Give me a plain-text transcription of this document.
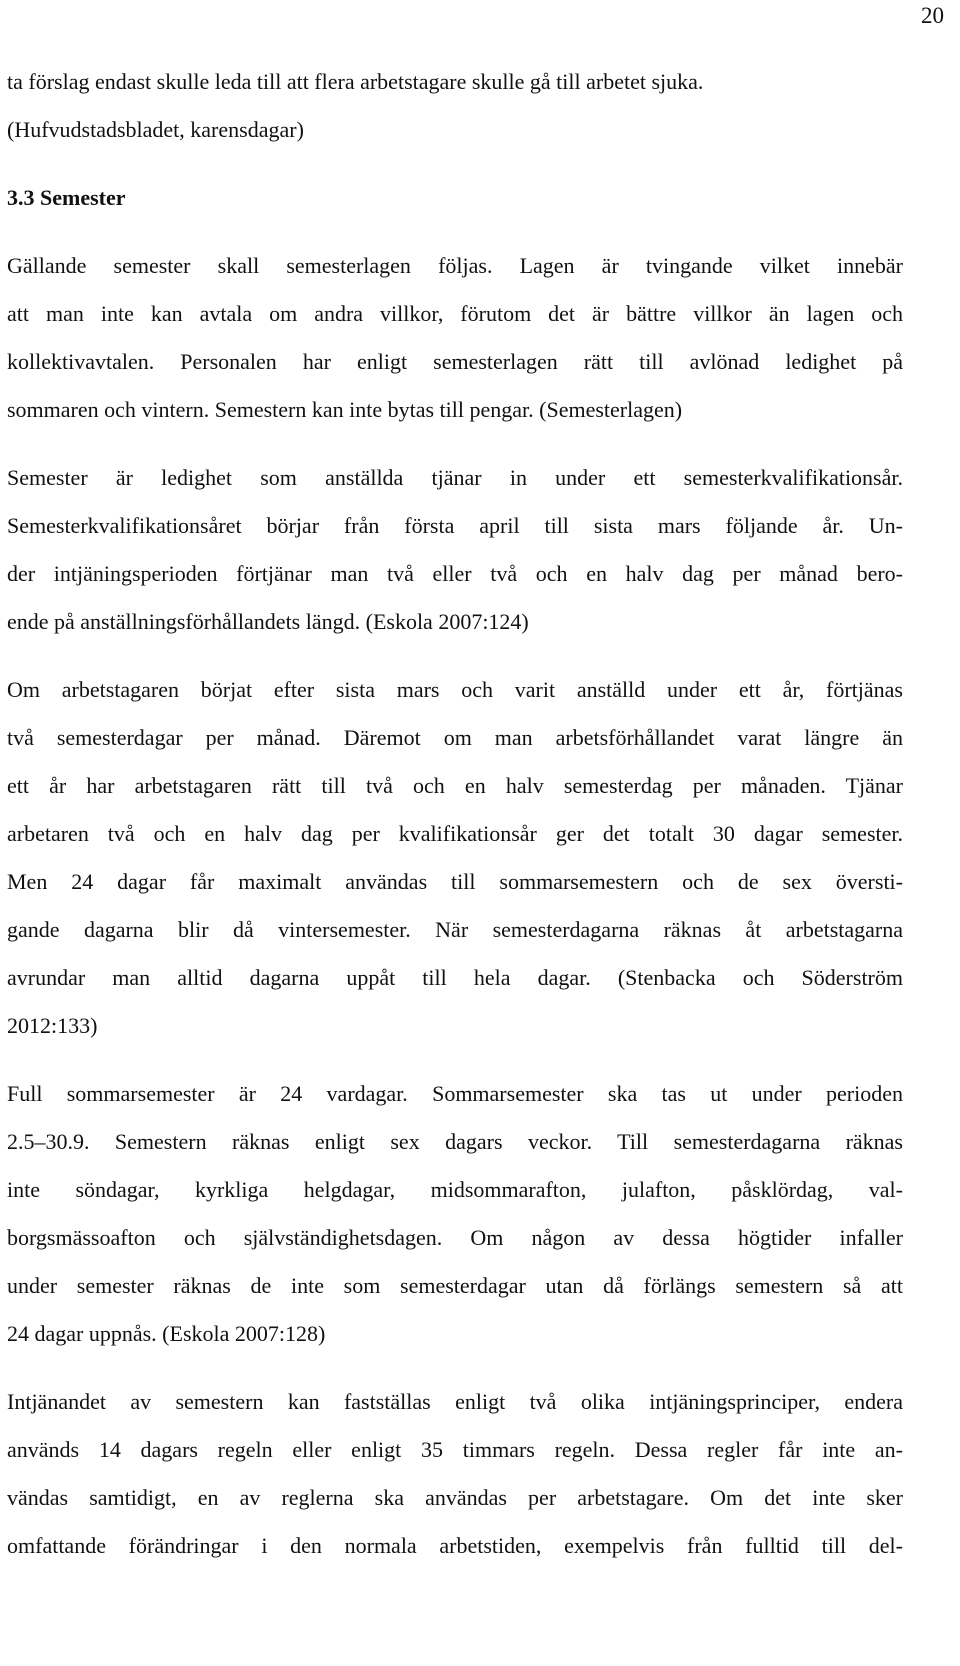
20
ta förslag endast skulle leda till att flera arbetstagare skulle gå till arbetet sjuka.
(Hufvudstadsbladet, karensdagar)
3.3 Semester
Gällande semester skall semesterlagen följas. Lagen är tvingande vilket innebär
att man inte kan avtala om andra villkor, förutom det är bättre villkor än lagen och
kollektivavtalen. Personalen har enligt semesterlagen rätt till avlönad ledighet på
sommaren och vintern. Semestern kan inte bytas till pengar. (Semesterlagen)
Semester är ledighet som anställda tjänar in under ett semesterkvalifikationsår.
Semesterkvalifikationsåret börjar från första april till sista mars följande år. Un-
der intjäningsperioden förtjänar man två eller två och en halv dag per månad bero-
ende på anställningsförhållandets längd. (Eskola 2007:124)
Om arbetstagaren börjat efter sista mars och varit anställd under ett år, förtjänas
två semesterdagar per månad. Däremot om man arbetsförhållandet varat längre än
ett år har arbetstagaren rätt till två och en halv semesterdag per månaden. Tjänar
arbetaren två och en halv dag per kvalifikationsår ger det totalt 30 dagar semester.
Men 24 dagar får maximalt användas till sommarsemestern och de sex översti-
gande dagarna blir då vintersemester. När semesterdagarna räknas åt arbetstagarna
avrundar man alltid dagarna uppåt till hela dagar. (Stenbacka och Söderström
2012:133)
Full sommarsemester är 24 vardagar. Sommarsemester ska tas ut under perioden
2.5–30.9. Semestern räknas enligt sex dagars veckor. Till semesterdagarna räknas
inte söndagar, kyrkliga helgdagar, midsommarafton, julafton, påsklördag, val-
borgsmässoafton och självständighetsdagen. Om någon av dessa högtider infaller
under semester räknas de inte som semesterdagar utan då förlängs semestern så att
24 dagar uppnås. (Eskola 2007:128)
Intjänandet av semestern kan fastställas enligt två olika intjäningsprinciper, endera
används 14 dagars regeln eller enligt 35 timmars regeln. Dessa regler får inte an-
vändas samtidigt, en av reglerna ska användas per arbetstagare. Om det inte sker
omfattande förändringar i den normala arbetstiden, exempelvis från fulltid till del-
